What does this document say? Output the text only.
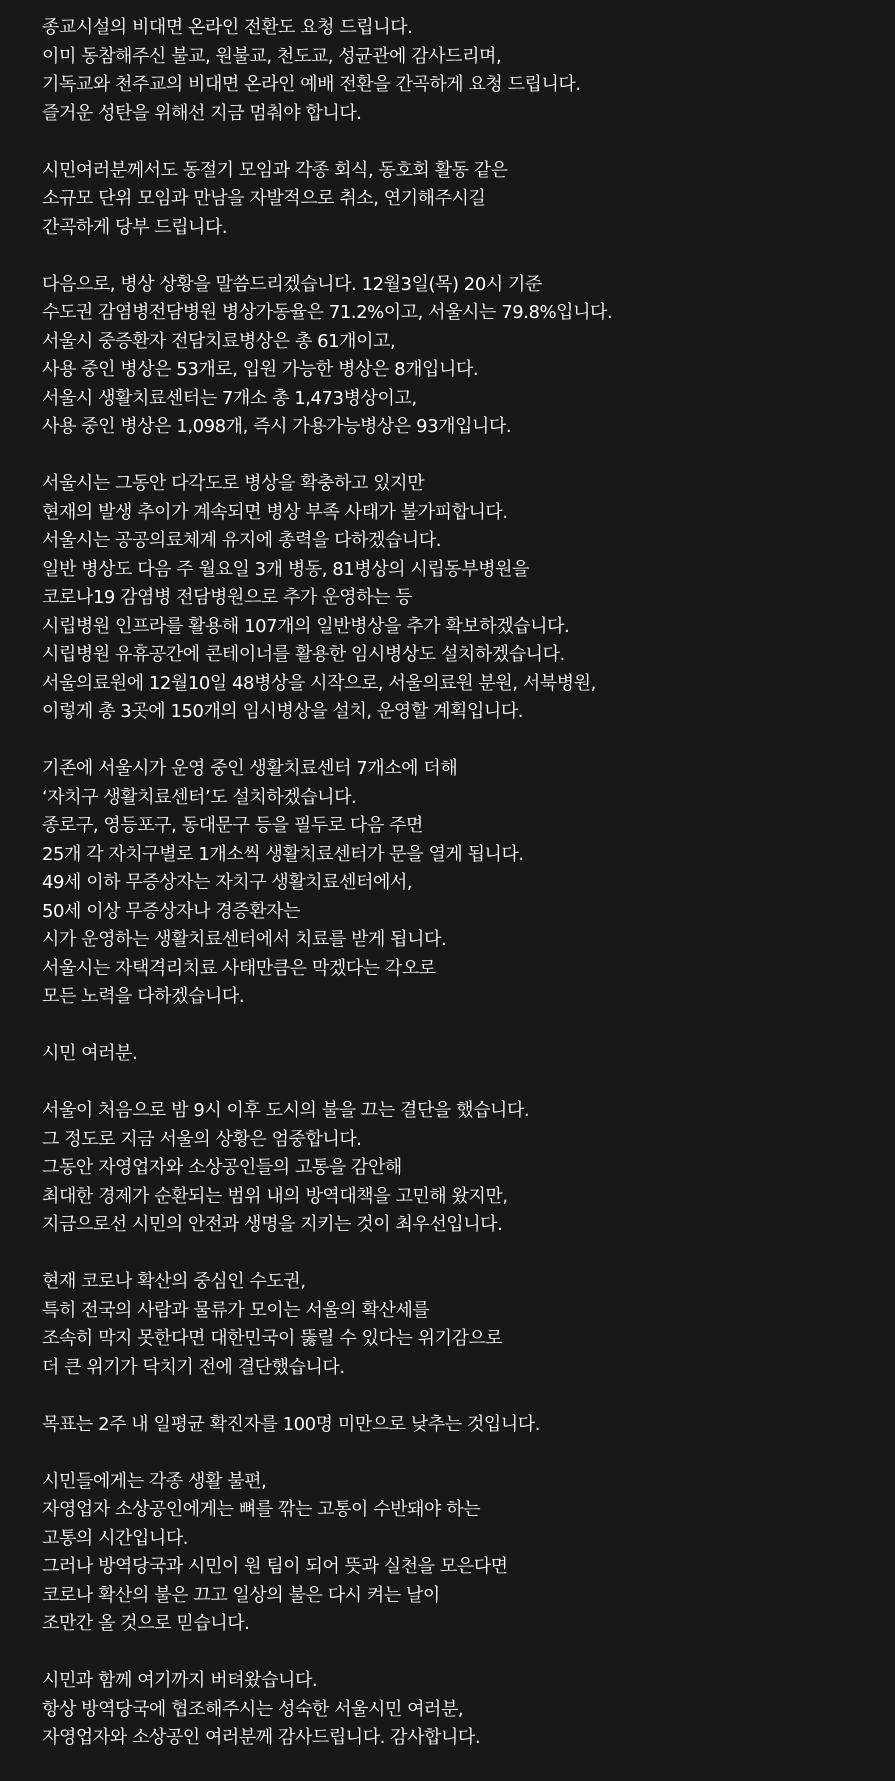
종교시설의 비대면 온라인 전환도 요청 드립니다.
이미 동참해주신 불교, 원불교, 천도교, 성균관에 감사드리며,
기독교와 천주교의 비대면 온라인 예배 전환을 간곡하게 요청 드립니다.
즐거운 성탄을 위해선 지금 멈춰야 합니다.
시민여러분께서도 동절기 모임과 각종 회식, 동호회 활동 같은
소규모 단위 모임과 만남을 자발적으로 취소, 연기해주시길
간곡하게 당부 드립니다.
다음으로, 병상 상황을 말씀드리겠습니다. 12월3일(목) 20시 기준
수도권 감염병전담병원 병상가동율은 71.2%이고, 서울시는 79.8%입니다.
서울시 중증환자 전담치료병상은 총 61개이고,
사용 중인 병상은 53개로, 입원 가능한 병상은 8개입니다.
서울시 생활치료센터는 7개소 총 1,473병상이고,
사용 중인 병상은 1,098개, 즉시 가용가능병상은 93개입니다.
서울시는 그동안 다각도로 병상을 확충하고 있지만
현재의 발생 추이가 계속되면 병상 부족 사태가 불가피합니다.
서울시는 공공의료체계 유지에 총력을 다하겠습니다.
일반 병상도 다음 주 월요일 3개 병동, 81병상의 시립동부병원을
코로나19 감염병 전담병원으로 추가 운영하는 등
시립병원 인프라를 활용해 107개의 일반병상을 추가 확보하겠습니다.
시립병원 유휴공간에 콘테이너를 활용한 임시병상도 설치하겠습니다.
서울의료원에 12월10일 48병상을 시작으로, 서울의료원 분원, 서북병원,
이렇게 총 3곳에 150개의 임시병상을 설치, 운영할 계획입니다.
기존에 서울시가 운영 중인 생활치료센터 7개소에 더해
‘자치구 생활치료센터’도 설치하겠습니다.
종로구, 영등포구, 동대문구 등을 필두로 다음 주면
25개 각 자치구별로 1개소씩 생활치료센터가 문을 열게 됩니다.
49세 이하 무증상자는 자치구 생활치료센터에서,
50세 이상 무증상자나 경증환자는
시가 운영하는 생활치료센터에서 치료를 받게 됩니다.
서울시는 자택격리치료 사태만큼은 막겠다는 각오로
모든 노력을 다하겠습니다.
시민 여러분.
서울이 처음으로 밤 9시 이후 도시의 불을 끄는 결단을 했습니다.
그 정도로 지금 서울의 상황은 엄중합니다.
그동안 자영업자와 소상공인들의 고통을 감안해
최대한 경제가 순환되는 범위 내의 방역대책을 고민해 왔지만,
지금으로선 시민의 안전과 생명을 지키는 것이 최우선입니다.
현재 코로나 확산의 중심인 수도권,
특히 전국의 사람과 물류가 모이는 서울의 확산세를
조속히 막지 못한다면 대한민국이 뚫릴 수 있다는 위기감으로
더 큰 위기가 닥치기 전에 결단했습니다.
목표는 2주 내 일평균 확진자를 100명 미만으로 낮추는 것입니다.
시민들에게는 각종 생활 불편,
자영업자 소상공인에게는 뼈를 깎는 고통이 수반돼야 하는
고통의 시간입니다.
그러나 방역당국과 시민이 원 팀이 되어 뜻과 실천을 모은다면
코로나 확산의 불은 끄고 일상의 불은 다시 켜는 날이
조만간 올 것으로 믿습니다.
시민과 함께 여기까지 버텨왔습니다.
항상 방역당국에 협조해주시는 성숙한 서울시민 여러분,
자영업자와 소상공인 여러분께 감사드립니다. 감사합니다.
